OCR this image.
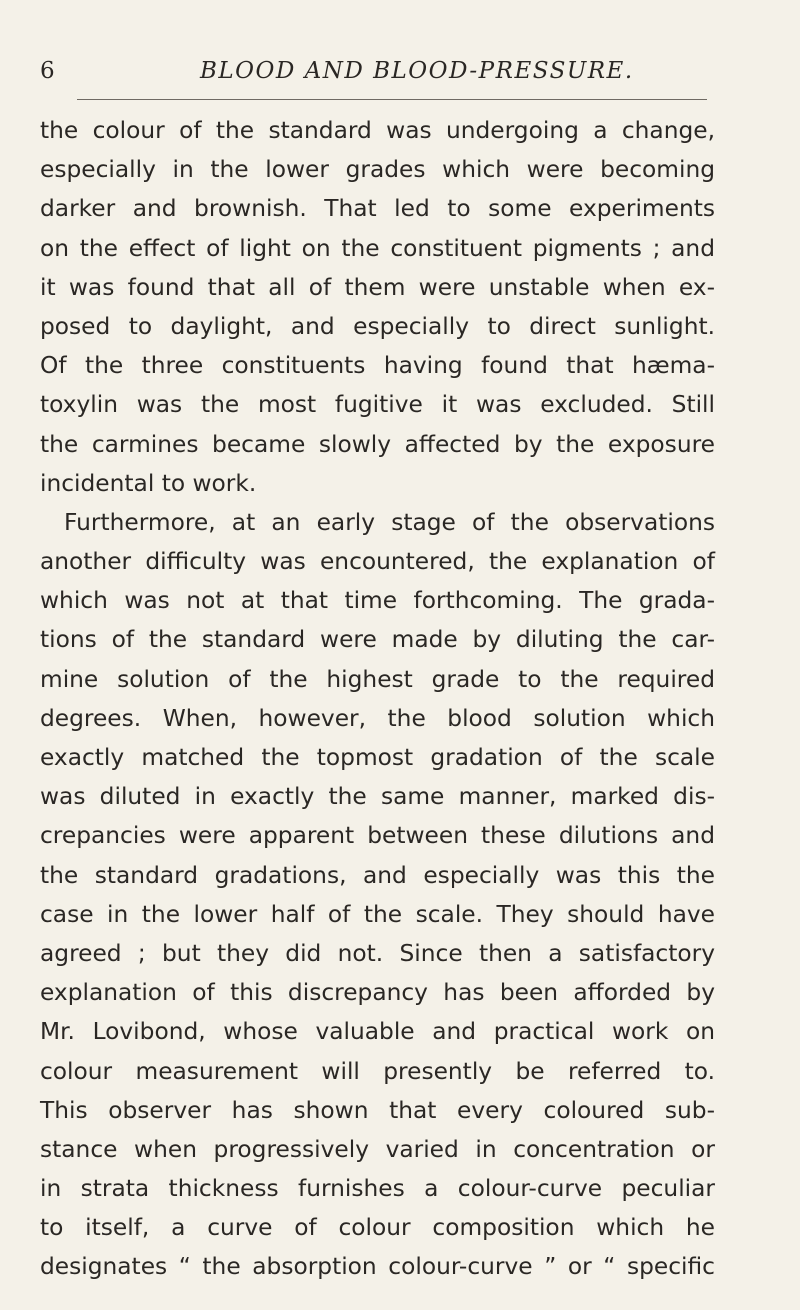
6	BLOOD AND BLOOD-PRESSURE.
the colour of the standard was undergoing a change,
especially in the lower grades which were becoming
darker and brownish. That led to some experiments
on the effect of light on the constituent pigments ; and
it was found that all of them were unstable when ex-
posed to daylight, and especially to direct sunlight.
Of the three constituents having found that hæma-
toxylin was the most fugitive it was excluded. Still
the carmines became slowly affected by the exposure
incidental to work.
Furthermore, at an early stage of the observations
another difficulty was encountered, the explanation of
which was not at that time forthcoming. The grada-
tions of the standard were made by diluting the car-
mine solution of the highest grade to the required
degrees. When, however, the blood solution which
exactly matched the topmost gradation of the scale
was diluted in exactly the same manner, marked dis-
crepancies were apparent between these dilutions and
the standard gradations, and especially was this the
case in the lower half of the scale. They should have
agreed ; but they did not. Since then a satisfactory
explanation of this discrepancy has been afforded by
Mr. Lovibond, whose valuable and practical work on
colour measurement will presently be referred to.
This observer has shown that every coloured sub-
stance when progressively varied in concentration or
in strata thickness furnishes a colour-curve peculiar
to itself, a curve of colour composition which he
designates “ the absorption colour-curve ” or “ specific
